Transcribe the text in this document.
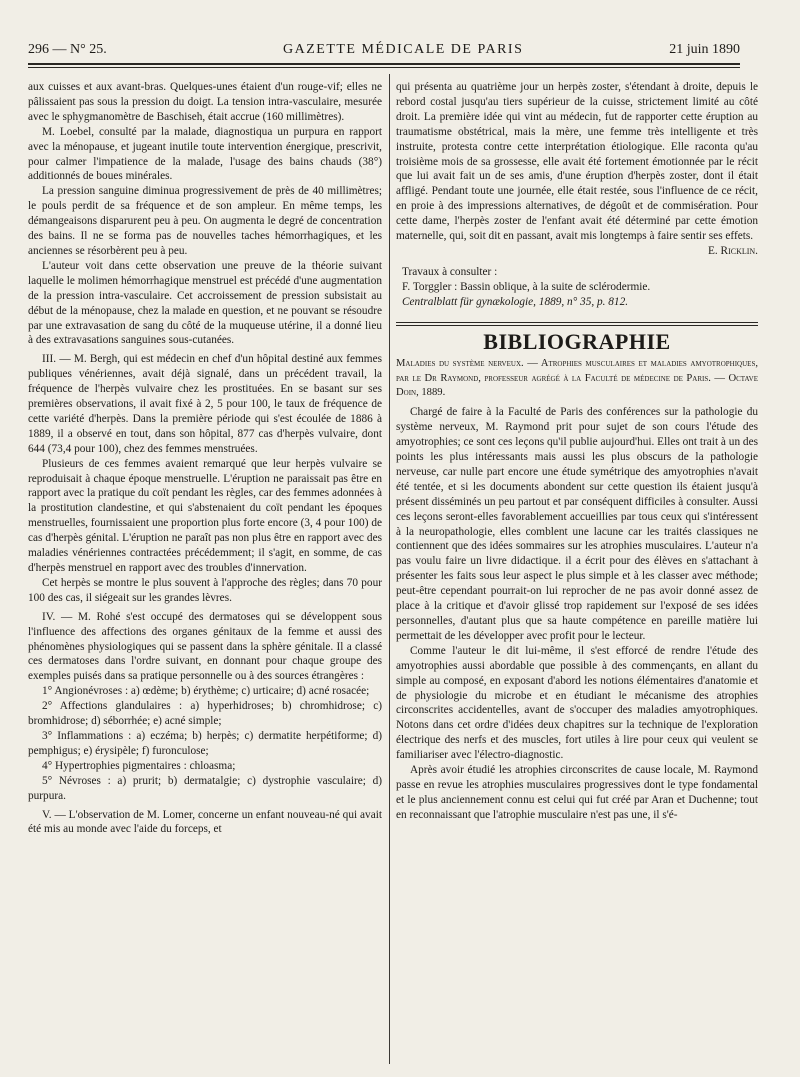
296 — N° 25.	GAZETTE MÉDICALE DE PARIS	21 juin 1890

aux cuisses et aux avant-bras. Quelques-unes étaient d'un rouge-vif; elles ne pâlissaient pas sous la pression du doigt. La tension intra-vasculaire, mesurée avec le sphygmanomètre de Baschiseh, était accrue (160 millimètres).

M. Loebel, consulté par la malade, diagnostiqua un purpura en rapport avec la ménopause, et jugeant inutile toute intervention énergique, prescrivit, pour calmer l'impatience de la malade, l'usage des bains chauds (38°) additionnés de boues minérales.

La pression sanguine diminua progressivement de près de 40 millimètres; le pouls perdit de sa fréquence et de son ampleur. En même temps, les démangeaisons disparurent peu à peu. On augmenta le degré de concentration des bains. Il ne se forma pas de nouvelles taches hémorrhagiques, et les anciennes se résorbèrent peu à peu.

L'auteur voit dans cette observation une preuve de la théorie suivant laquelle le molimen hémorrhagique menstruel est précédé d'une augmentation de la pression intra-vasculaire. Cet accroissement de pression subsistait au début de la ménopause, chez la malade en question, et ne pouvant se résoudre par une extravasation de sang du côté de la muqueuse utérine, il a donné lieu à des extravasations sanguines sous-cutanées.

III. — M. Bergh, qui est médecin en chef d'un hôpital destiné aux femmes publiques vénériennes, avait déjà signalé, dans un précédent travail, la fréquence de l'herpès vulvaire chez les prostituées. En se basant sur ses premières observations, il avait fixé à 2, 5 pour 100, le taux de fréquence de cette variété d'herpès. Dans la première période qui s'est écoulée de 1886 à 1889, il a observé en tout, dans son hôpital, 877 cas d'herpès vulvaire, dont 644 (73,4 pour 100), chez des femmes menstruées.

Plusieurs de ces femmes avaient remarqué que leur herpès vulvaire se reproduisait à chaque époque menstruelle. L'éruption ne paraissait pas être en rapport avec la pratique du coït pendant les règles, car des femmes adonnées à la prostitution clandestine, et qui s'abstenaient du coït pendant les époques menstruelles, fournissaient une proportion plus forte encore (3, 4 pour 100) de cas d'herpès génital. L'éruption ne paraît pas non plus être en rapport avec des maladies vénériennes contractées précédemment; il s'agit, en somme, de cas d'herpès menstruel en rapport avec des troubles d'innervation.

Cet herpès se montre le plus souvent à l'approche des règles; dans 70 pour 100 des cas, il siégeait sur les grandes lèvres.

IV. — M. Rohé s'est occupé des dermatoses qui se développent sous l'influence des affections des organes génitaux de la femme et aussi des phénomènes physiologiques qui se passent dans la sphère génitale. Il a classé ces dermatoses dans l'ordre suivant, en donnant pour chaque groupe des exemples puisés dans sa pratique personnelle ou à des sources étrangères :

1° Angionévroses : a) œdème; b) érythème; c) urticaire; d) acné rosacée;

2° Affections glandulaires : a) hyperhidroses; b) chromhidrose; c) bromhidrose; d) séborrhée; e) acné simple;

3° Inflammations : a) eczéma; b) herpès; c) dermatite herpétiforme; d) pemphigus; e) érysipèle; f) furonculose;

4° Hypertrophies pigmentaires : chloasma;

5° Névroses : a) prurit; b) dermatalgie; c) dystrophie vasculaire; d) purpura.

V. — L'observation de M. Lomer, concerne un enfant nouveau-né qui avait été mis au monde avec l'aide du forceps, et

qui présenta au quatrième jour un herpès zoster, s'étendant à droite, depuis le rebord costal jusqu'au tiers supérieur de la cuisse, strictement limité au côté droit. La première idée qui vint au médecin, fut de rapporter cette éruption au traumatisme obstétrical, mais la mère, une femme très intelligente et très instruite, protesta contre cette interprétation étiologique. Elle raconta qu'au troisième mois de sa grossesse, elle avait été fortement émotionnée par le récit que lui avait fait un de ses amis, d'une éruption d'herpès zoster, dont il était affligé. Pendant toute une journée, elle était restée, sous l'influence de ce récit, en proie à des impressions alternatives, de dégoût et de commisération. Pour cette dame, l'herpès zoster de l'enfant avait été déterminé par cette émotion maternelle, qui, soit dit en passant, avait mis longtemps à faire sentir ses effets.

E. Ricklin.

Travaux à consulter :

F. Torggler : Bassin oblique, à la suite de sclérodermie.

Centralblatt für gynækologie, 1889, n° 35, p. 812.

BIBLIOGRAPHIE

Maladies du système nerveux. — Atrophies musculaires et maladies amyotrophiques, par le Dr Raymond, professeur agrégé à la Faculté de médecine de Paris. — Octave Doin, 1889.

Chargé de faire à la Faculté de Paris des conférences sur la pathologie du système nerveux, M. Raymond prit pour sujet de son cours l'étude des amyotrophies; ce sont ces leçons qu'il publie aujourd'hui. Elles ont trait à un des points les plus intéressants mais aussi les plus obscurs de la pathologie nerveuse, car nulle part encore une étude symétrique des amyotrophies n'avait été tentée, et si les documents abondent sur cette question ils étaient jusqu'à présent disséminés un peu partout et par conséquent difficiles à consulter. Aussi ces leçons seront-elles favorablement accueillies par tous ceux qui s'intéressent à la neuropathologie, elles comblent une lacune car les traités classiques ne contiennent que des idées sommaires sur les atrophies musculaires. L'auteur n'a pas voulu faire un livre didactique. il a écrit pour des élèves en s'attachant à présenter les faits sous leur aspect le plus simple et à les classer avec méthode; peut-être cependant pourrait-on lui reprocher de ne pas avoir donné assez de place à la critique et d'avoir glissé trop rapidement sur l'exposé de ses idées personnelles, d'autant plus que sa haute compétence en pareille matière lui permettait de les développer avec profit pour le lecteur.

Comme l'auteur le dit lui-même, il s'est efforcé de rendre l'étude des amyotrophies aussi abordable que possible à des commençants, en allant du simple au composé, en exposant d'abord les notions élémentaires d'anatomie et de physiologie du microbe et en étudiant le mécanisme des atrophies circonscrites accidentelles, avant de s'occuper des maladies amyotrophiques. Notons dans cet ordre d'idées deux chapitres sur la technique de l'exploration électrique des nerfs et des muscles, fort utiles à lire pour ceux qui veulent se familiariser avec l'électro-diagnostic.

Après avoir étudié les atrophies circonscrites de cause locale, M. Raymond passe en revue les atrophies musculaires progressives dont le type fondamental et le plus anciennement connu est celui qui fut créé par Aran et Duchenne; tout en reconnaissant que l'atrophie musculaire n'est pas une, il s'é-
